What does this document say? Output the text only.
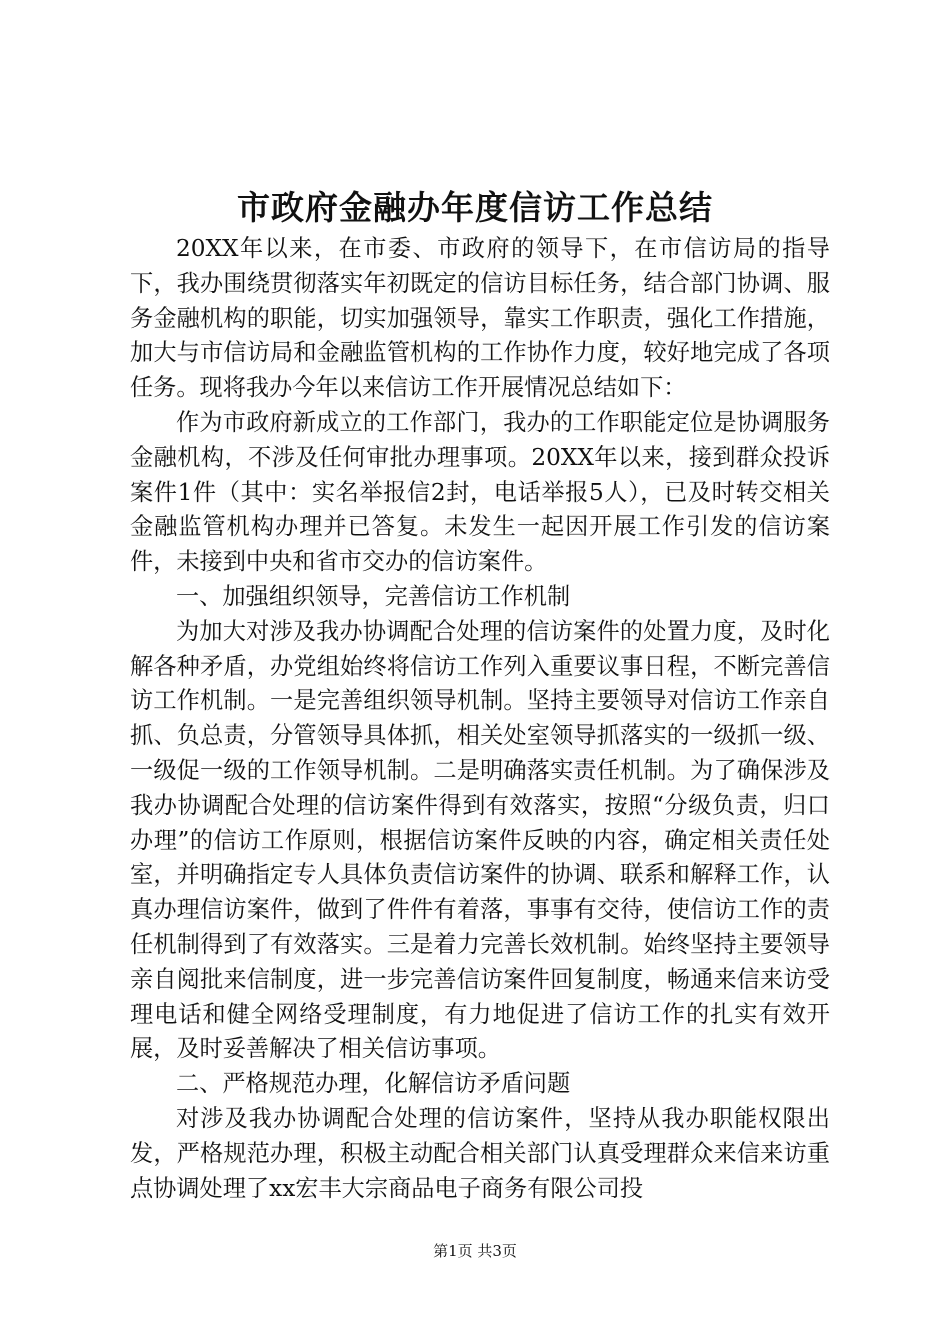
市政府金融办年度信访工作总结

20XX年以来，在市委、市政府的领导下，在市信访局的指导下，我办围绕贯彻落实年初既定的信访目标任务，结合部门协调、服务金融机构的职能，切实加强领导，靠实工作职责，强化工作措施，加大与市信访局和金融监管机构的工作协作力度，较好地完成了各项任务。现将我办今年以来信访工作开展情况总结如下：

作为市政府新成立的工作部门，我办的工作职能定位是协调服务金融机构，不涉及任何审批办理事项。20XX年以来，接到群众投诉案件1件（其中：实名举报信2封，电话举报5人），已及时转交相关金融监管机构办理并已答复。未发生一起因开展工作引发的信访案件，未接到中央和省市交办的信访案件。

一、加强组织领导，完善信访工作机制

为加大对涉及我办协调配合处理的信访案件的处置力度，及时化解各种矛盾，办党组始终将信访工作列入重要议事日程，不断完善信访工作机制。一是完善组织领导机制。坚持主要领导对信访工作亲自抓、负总责，分管领导具体抓，相关处室领导抓落实的一级抓一级、一级促一级的工作领导机制。二是明确落实责任机制。为了确保涉及我办协调配合处理的信访案件得到有效落实，按照“分级负责，归口办理”的信访工作原则，根据信访案件反映的内容，确定相关责任处室，并明确指定专人具体负责信访案件的协调、联系和解释工作，认真办理信访案件，做到了件件有着落，事事有交待，使信访工作的责任机制得到了有效落实。三是着力完善长效机制。始终坚持主要领导亲自阅批来信制度，进一步完善信访案件回复制度，畅通来信来访受理电话和健全网络受理制度，有力地促进了信访工作的扎实有效开展，及时妥善解决了相关信访事项。

二、严格规范办理，化解信访矛盾问题

对涉及我办协调配合处理的信访案件，坚持从我办职能权限出发，严格规范办理，积极主动配合相关部门认真受理群众来信来访重点协调处理了xx宏丰大宗商品电子商务有限公司投

第1页 共3页
